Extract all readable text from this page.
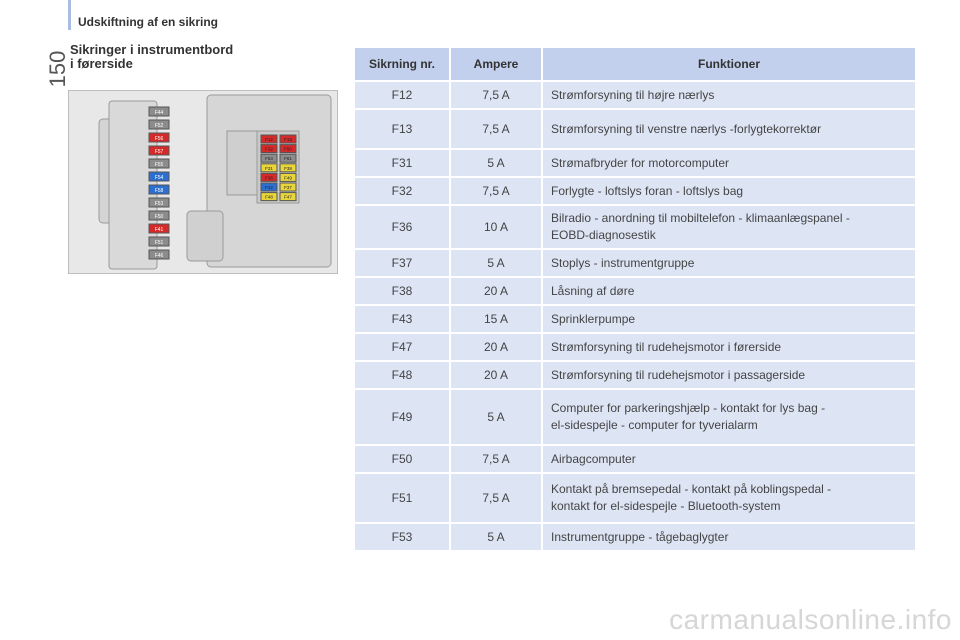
Udskiftning af en sikring
150
Sikringer i instrumentbord
i førerside
F44
F52
F56
F57
F55
F54
F58
F53
F50
F41
F51
F46
F12 F13
F32 F50
F53 F61
F31 F38
F36 F49
F42 F37
F48 F47
Sikrning nr.	Ampere	Funktioner
F12	7,5 A	Strømforsyning til højre nærlys

F13	7,5 A	Strømforsyning til venstre nærlys -forlygtekorrektør

F31	5 A	Strømafbryder for motorcomputer

F32	7,5 A	Forlygte - loftslys foran - loftslys bag

F36	10 A	Bilradio - anordning til mobiltelefon - klimaanlægspanel -
EOBD-diagnosestik

F37	5 A	Stoplys - instrumentgruppe

F38	20 A	Låsning af døre

F43	15 A	Sprinklerpumpe

F47	20 A	Strømforsyning til rudehejsmotor i førerside

F48	20 A	Strømforsyning til rudehejsmotor i passagerside

F49	5 A	Computer for parkeringshjælp - kontakt for lys bag -
el-sidespejle - computer for tyverialarm

F50	7,5 A	Airbagcomputer

F51	7,5 A	Kontakt på bremsepedal - kontakt på koblingspedal -
kontakt for el-sidespejle - Bluetooth-system

F53	5 A	Instrumentgruppe - tågebaglygter
carmanualsonline.info
